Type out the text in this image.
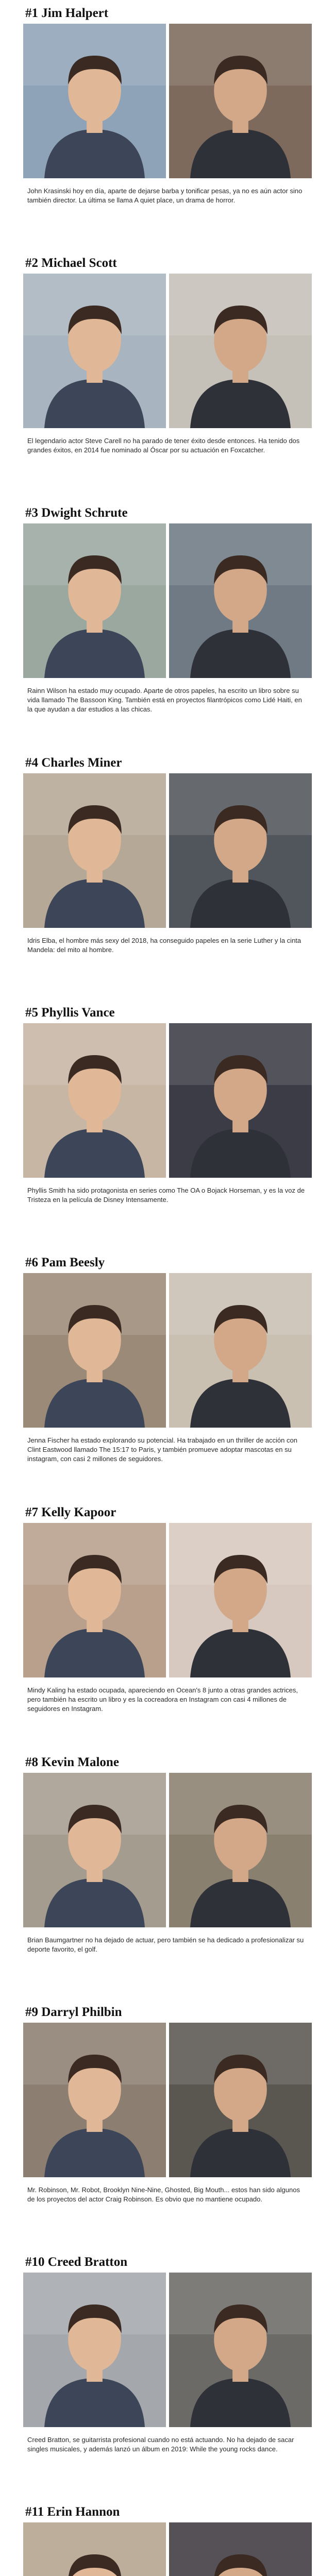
#1 Jim Halpert
John Krasinski hoy en día, aparte de dejarse barba y tonificar pesas, ya no es aún actor sino también director. La última se llama A quiet place, un drama de horror.
#2 Michael Scott
El legendario actor Steve Carell no ha parado de tener éxito desde entonces. Ha tenido dos grandes éxitos, en 2014 fue nominado al Óscar por su actuación en Foxcatcher.
#3 Dwight Schrute
Rainn Wilson ha estado muy ocupado. Aparte de otros papeles, ha escrito un libro sobre su vida llamado The Bassoon King. También está en proyectos filantrópicos como Lidé Haiti, en la que ayudan a dar estudios a las chicas.
#4 Charles Miner
Idris Elba, el hombre más sexy del 2018, ha conseguido papeles en la serie Luther y la cinta Mandela: del mito al hombre.
#5 Phyllis Vance
Phyllis Smith ha sido protagonista en series como The OA o Bojack Horseman, y es la voz de Tristeza en la película de Disney Intensamente.
#6 Pam Beesly
Jenna Fischer ha estado explorando su potencial. Ha trabajado en un thriller de acción con Clint Eastwood llamado The 15:17 to Paris, y también promueve adoptar mascotas en su instagram, con casi 2 millones de seguidores.
#7 Kelly Kapoor
Mindy Kaling ha estado ocupada, apareciendo en Ocean's 8 junto a otras grandes actrices, pero también ha escrito un libro y es la cocreadora en Instagram con casi 4 millones de seguidores en Instagram.
#8 Kevin Malone
Brian Baumgartner no ha dejado de actuar, pero también se ha dedicado a profesionalizar su deporte favorito, el golf.
#9 Darryl Philbin
Mr. Robinson, Mr. Robot, Brooklyn Nine-Nine, Ghosted, Big Mouth... estos han sido algunos de los proyectos del actor Craig Robinson. Es obvio que no mantiene ocupado.
#10 Creed Bratton
Creed Bratton, se guitarrista profesional cuando no está actuando. No ha dejado de sacar singles musicales, y además lanzó un álbum en 2019: While the young rocks dance.
#11 Erin Hannon
